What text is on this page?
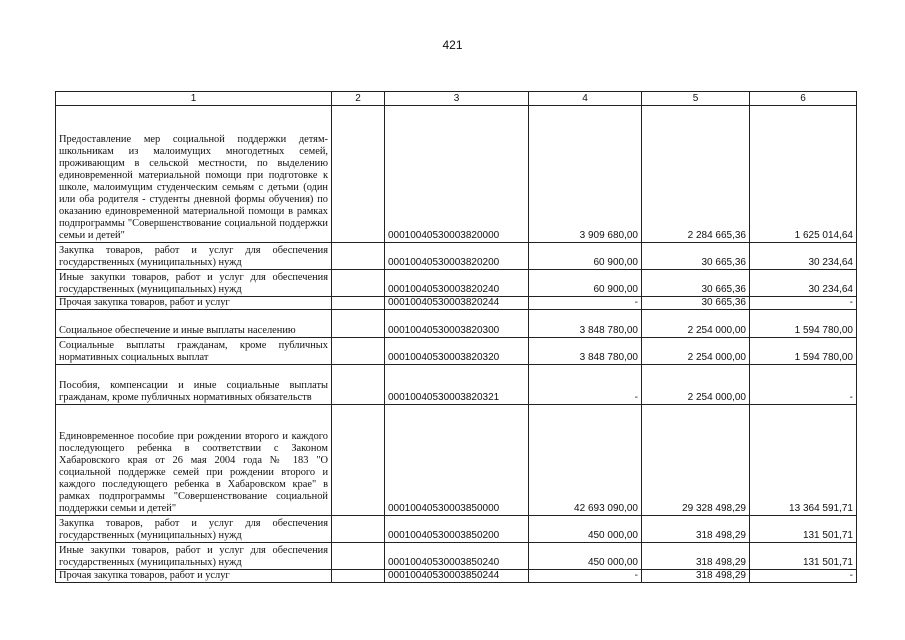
421
1	2	3	4	5	6
Предоставление мер социальной поддержки детям-школьникам из малоимущих многодетных семей, проживающим в сельской местности, по выделению единовременной материальной помощи при подготовке к школе, малоимущим студенческим семьям с детьми (один или оба родителя - студенты дневной формы обучения) по оказанию единовременной материальной помощи в рамках подпрограммы "Совершенствование социальной поддержки семьи и детей"		00010040530003820000	3 909 680,00	2 284 665,36	1 625 014,64
Закупка товаров, работ и услуг для обеспечения государственных (муниципальных) нужд		00010040530003820200	60 900,00	30 665,36	30 234,64
Иные закупки товаров, работ и услуг для обеспечения государственных (муниципальных) нужд		00010040530003820240	60 900,00	30 665,36	30 234,64
Прочая закупка товаров, работ и услуг		00010040530003820244	-	30 665,36	-
Социальное обеспечение и иные выплаты населению		00010040530003820300	3 848 780,00	2 254 000,00	1 594 780,00
Социальные выплаты гражданам, кроме публичных нормативных социальных выплат		00010040530003820320	3 848 780,00	2 254 000,00	1 594 780,00
Пособия, компенсации и иные социальные выплаты гражданам, кроме публичных нормативных обязательств		00010040530003820321	-	2 254 000,00	-
Единовременное пособие при рождении второго и каждого последующего ребенка в соответствии с Законом Хабаровского края от 26 мая 2004 года № 183 "О социальной поддержке семей при рождении второго и каждого последующего ребенка в Хабаровском крае" в рамках подпрограммы "Совершенствование социальной поддержки семьи и детей"		00010040530003850000	42 693 090,00	29 328 498,29	13 364 591,71
Закупка товаров, работ и услуг для обеспечения государственных (муниципальных) нужд		00010040530003850200	450 000,00	318 498,29	131 501,71
Иные закупки товаров, работ и услуг для обеспечения государственных (муниципальных) нужд		00010040530003850240	450 000,00	318 498,29	131 501,71
Прочая закупка товаров, работ и услуг		00010040530003850244	-	318 498,29	-
